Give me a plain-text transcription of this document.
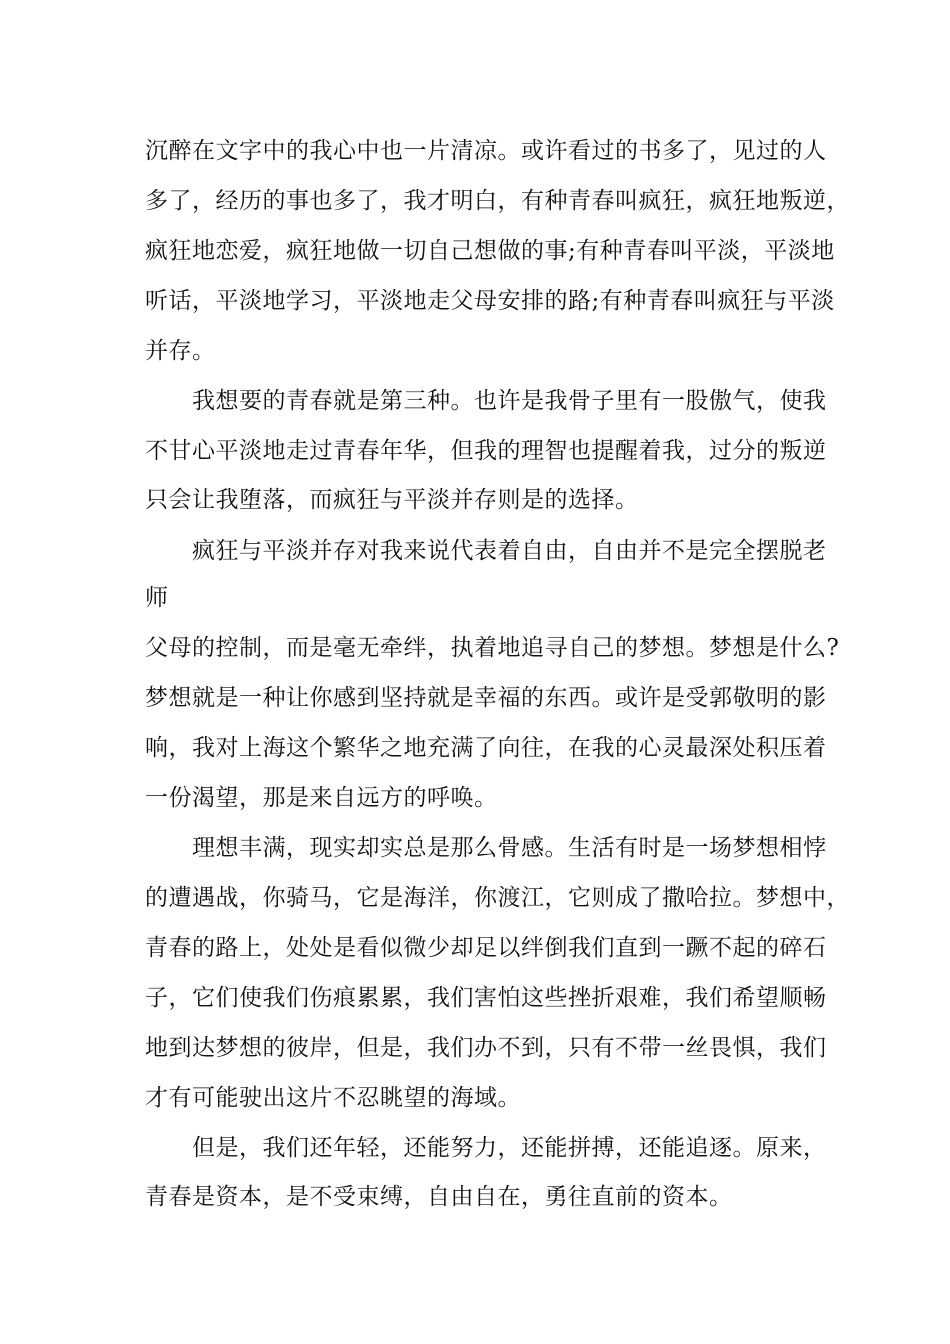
沉醉在文字中的我心中也一片清凉。或许看过的书多了，见过的人
多了，经历的事也多了，我才明白，有种青春叫疯狂，疯狂地叛逆，
疯狂地恋爱，疯狂地做一切自己想做的事;有种青春叫平淡，平淡地
听话，平淡地学习，平淡地走父母安排的路;有种青春叫疯狂与平淡
并存。
我想要的青春就是第三种。也许是我骨子里有一股傲气，使我
不甘心平淡地走过青春年华，但我的理智也提醒着我，过分的叛逆
只会让我堕落，而疯狂与平淡并存则是的选择。
疯狂与平淡并存对我来说代表着自由，自由并不是完全摆脱老
师
父母的控制，而是毫无牵绊，执着地追寻自己的梦想。梦想是什么?
梦想就是一种让你感到坚持就是幸福的东西。或许是受郭敬明的影
响，我对上海这个繁华之地充满了向往，在我的心灵最深处积压着
一份渴望，那是来自远方的呼唤。
理想丰满，现实却实总是那么骨感。生活有时是一场梦想相悖
的遭遇战，你骑马，它是海洋，你渡江，它则成了撒哈拉。梦想中，
青春的路上，处处是看似微少却足以绊倒我们直到一蹶不起的碎石
子，它们使我们伤痕累累，我们害怕这些挫折艰难，我们希望顺畅
地到达梦想的彼岸，但是，我们办不到，只有不带一丝畏惧，我们
才有可能驶出这片不忍眺望的海域。
但是，我们还年轻，还能努力，还能拼搏，还能追逐。原来，
青春是资本，是不受束缚，自由自在，勇往直前的资本。
